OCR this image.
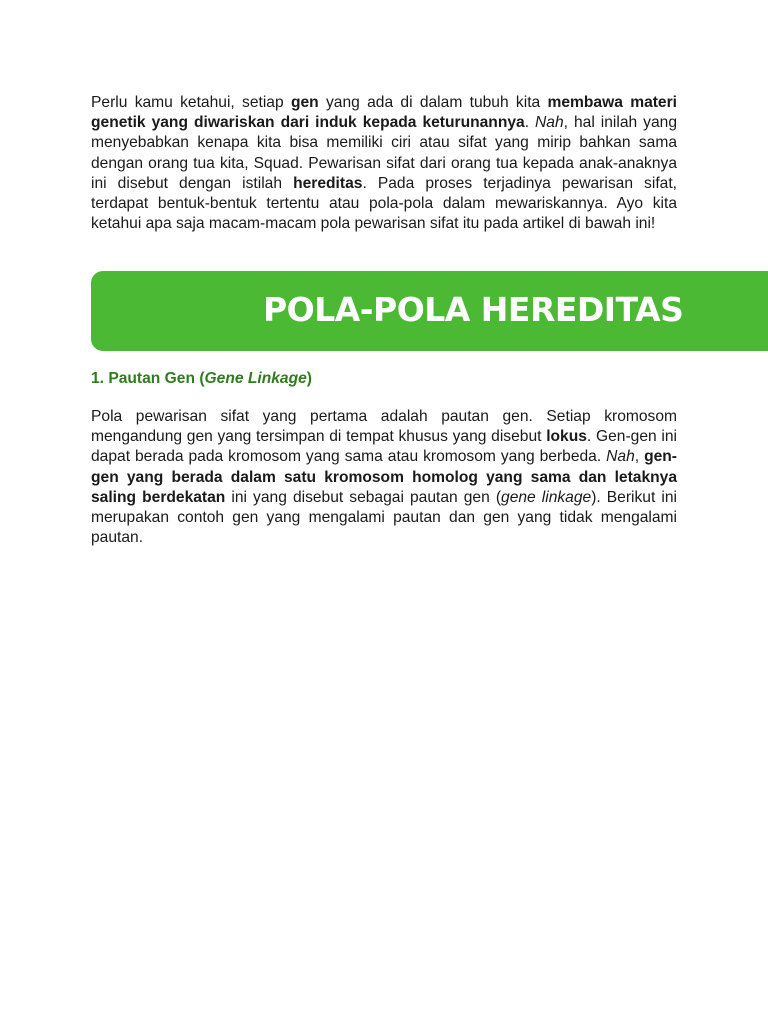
Perlu kamu ketahui, setiap gen yang ada di dalam tubuh kita membawa materi genetik yang diwariskan dari induk kepada keturunannya. Nah, hal inilah yang menyebabkan kenapa kita bisa memiliki ciri atau sifat yang mirip bahkan sama dengan orang tua kita, Squad. Pewarisan sifat dari orang tua kepada anak-anaknya ini disebut dengan istilah hereditas. Pada proses terjadinya pewarisan sifat, terdapat bentuk-bentuk tertentu atau pola-pola dalam mewariskannya. Ayo kita ketahui apa saja macam-macam pola pewarisan sifat itu pada artikel di bawah ini!

POLA-POLA HEREDITAS
1. Pautan Gen (Gene Linkage)

Pola pewarisan sifat yang pertama adalah pautan gen. Setiap kromosom mengandung gen yang tersimpan di tempat khusus yang disebut lokus. Gen-gen ini dapat berada pada kromosom yang sama atau kromosom yang berbeda. Nah, gen-gen yang berada dalam satu kromosom homolog yang sama dan letaknya saling berdekatan ini yang disebut sebagai pautan gen (gene linkage). Berikut ini merupakan contoh gen yang mengalami pautan dan gen yang tidak mengalami pautan.
